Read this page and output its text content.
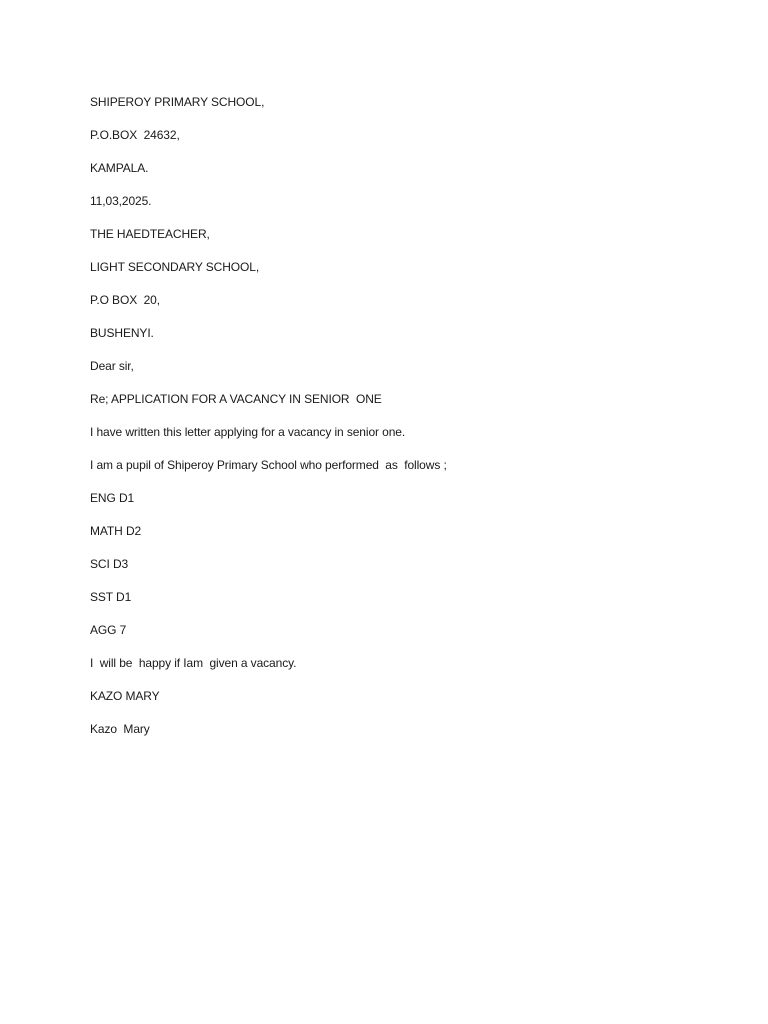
SHIPEROY PRIMARY SCHOOL,
P.O.BOX  24632,
KAMPALA.
11,03,2025.
THE HAEDTEACHER,
LIGHT SECONDARY SCHOOL,
P.O BOX  20,
BUSHENYI.
Dear sir,
Re; APPLICATION FOR A VACANCY IN SENIOR  ONE
I have written this letter applying for a vacancy in senior one.
I am a pupil of Shiperoy Primary School who performed  as  follows ;
ENG D1
MATH D2
SCI D3
SST D1
AGG 7
I  will be  happy if Iam  given a vacancy.
KAZO MARY
Kazo  Mary
